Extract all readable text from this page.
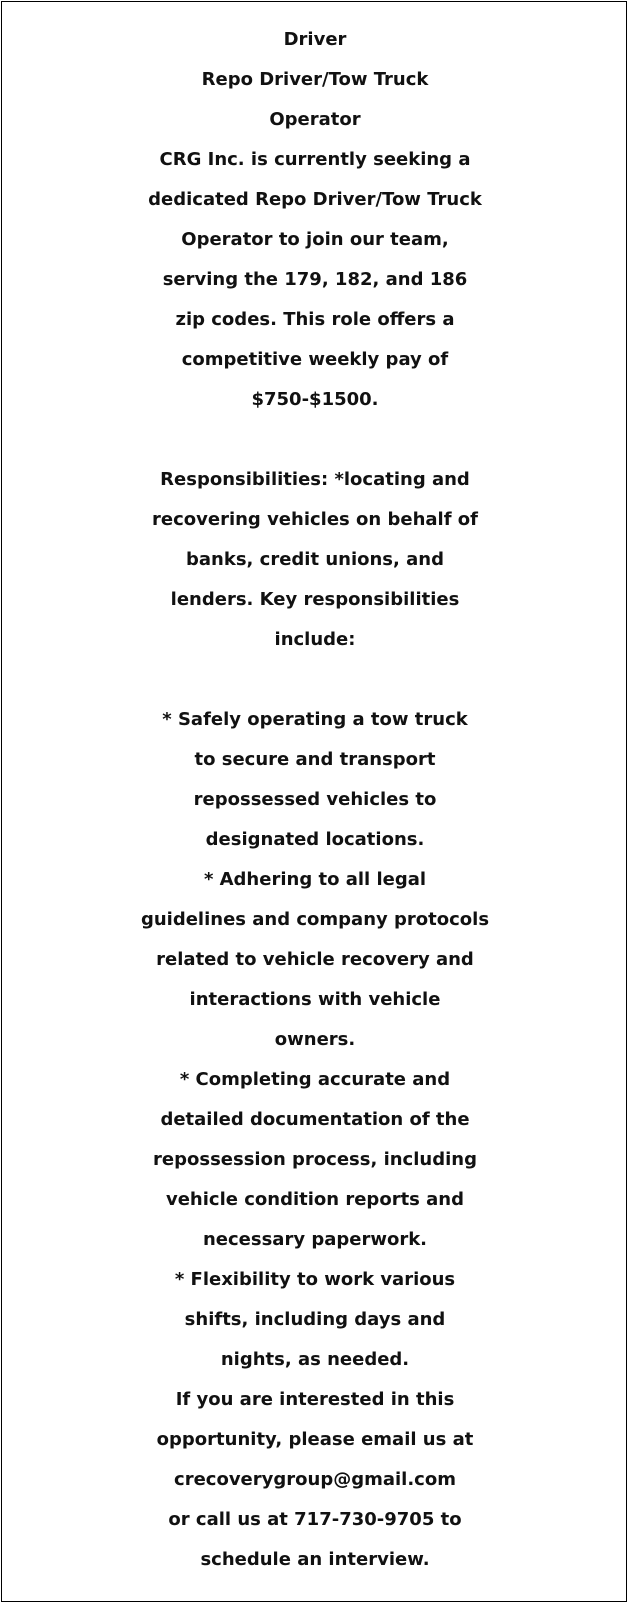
Driver
Repo Driver/Tow Truck
Operator
CRG Inc. is currently seeking a
dedicated Repo Driver/Tow Truck
Operator to join our team,
serving the 179, 182, and 186
zip codes. This role offers a
competitive weekly pay of
$750-$1500.
Responsibilities: *locating and
recovering vehicles on behalf of
banks, credit unions, and
lenders. Key responsibilities
include:
* Safely operating a tow truck
to secure and transport
repossessed vehicles to
designated locations.
* Adhering to all legal
guidelines and company protocols
related to vehicle recovery and
interactions with vehicle
owners.
* Completing accurate and
detailed documentation of the
repossession process, including
vehicle condition reports and
necessary paperwork.
* Flexibility to work various
shifts, including days and
nights, as needed.
If you are interested in this
opportunity, please email us at
crecoverygroup@gmail.com
or call us at 717-730-9705 to
schedule an interview.
